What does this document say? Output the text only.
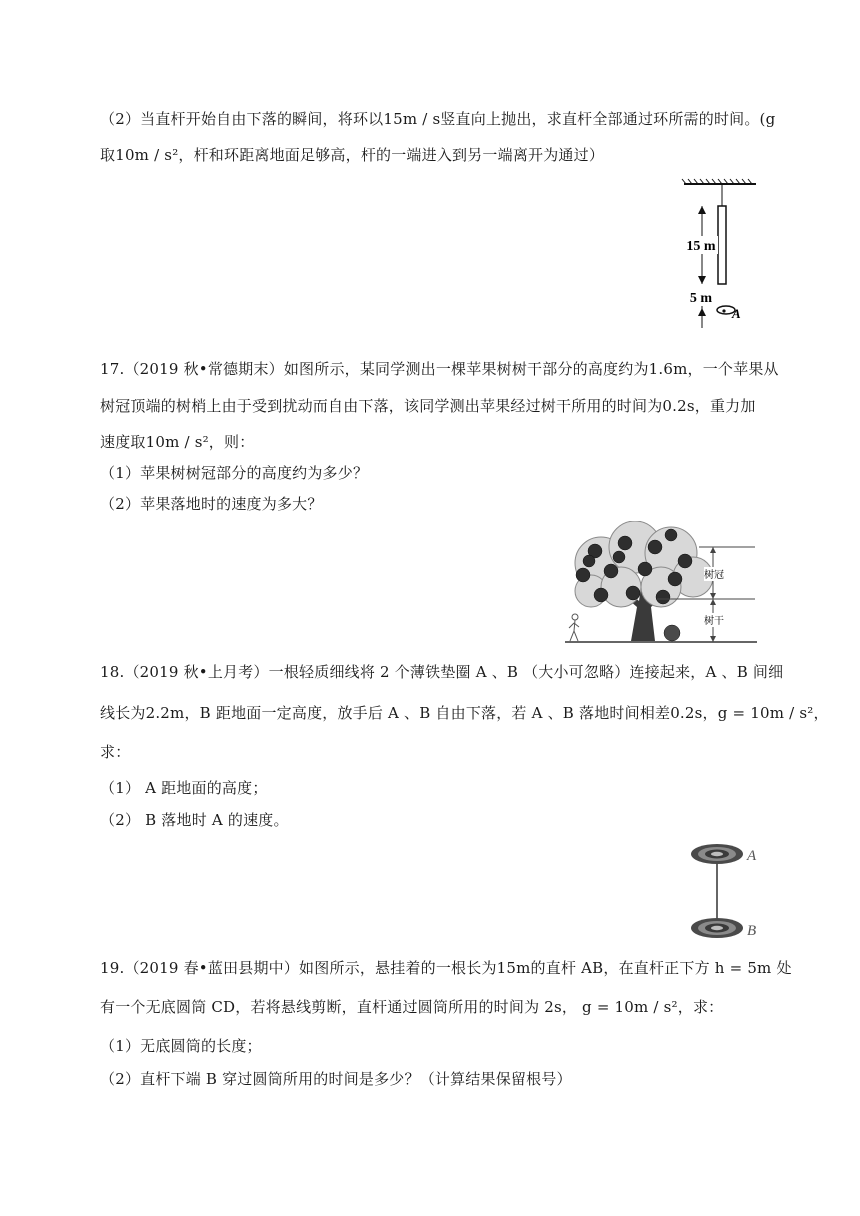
（2）当直杆开始自由下落的瞬间，将环以15m / s竖直向上抛出，求直杆全部通过环所需的时间。(g
取10m / s²，杆和环距离地面足够高，杆的一端进入到另一端离开为通过）
15 m
5 m
A
17.（2019 秋•常德期末）如图所示，某同学测出一棵苹果树树干部分的高度约为1.6m，一个苹果从
树冠顶端的树梢上由于受到扰动而自由下落，该同学测出苹果经过树干所用的时间为0.2s，重力加
速度取10m / s²，则：
（1）苹果树树冠部分的高度约为多少？
（2）苹果落地时的速度为多大？
树冠
树干
18.（2019 秋•上月考）一根轻质细线将 2 个薄铁垫圈 A 、B （大小可忽略）连接起来，A 、B 间细
线长为2.2m，B 距地面一定高度，放手后 A 、B 自由下落，若 A 、B 落地时间相差0.2s，g = 10m / s²，
求：
（1） A 距地面的高度；
（2） B 落地时 A 的速度。
A
B
19.（2019 春•蓝田县期中）如图所示，悬挂着的一根长为15m的直杆 AB，在直杆正下方 h = 5m 处
有一个无底圆筒 CD，若将悬线剪断，直杆通过圆筒所用的时间为 2s， g = 10m / s²，求：
（1）无底圆筒的长度；
（2）直杆下端 B 穿过圆筒所用的时间是多少？（计算结果保留根号）
